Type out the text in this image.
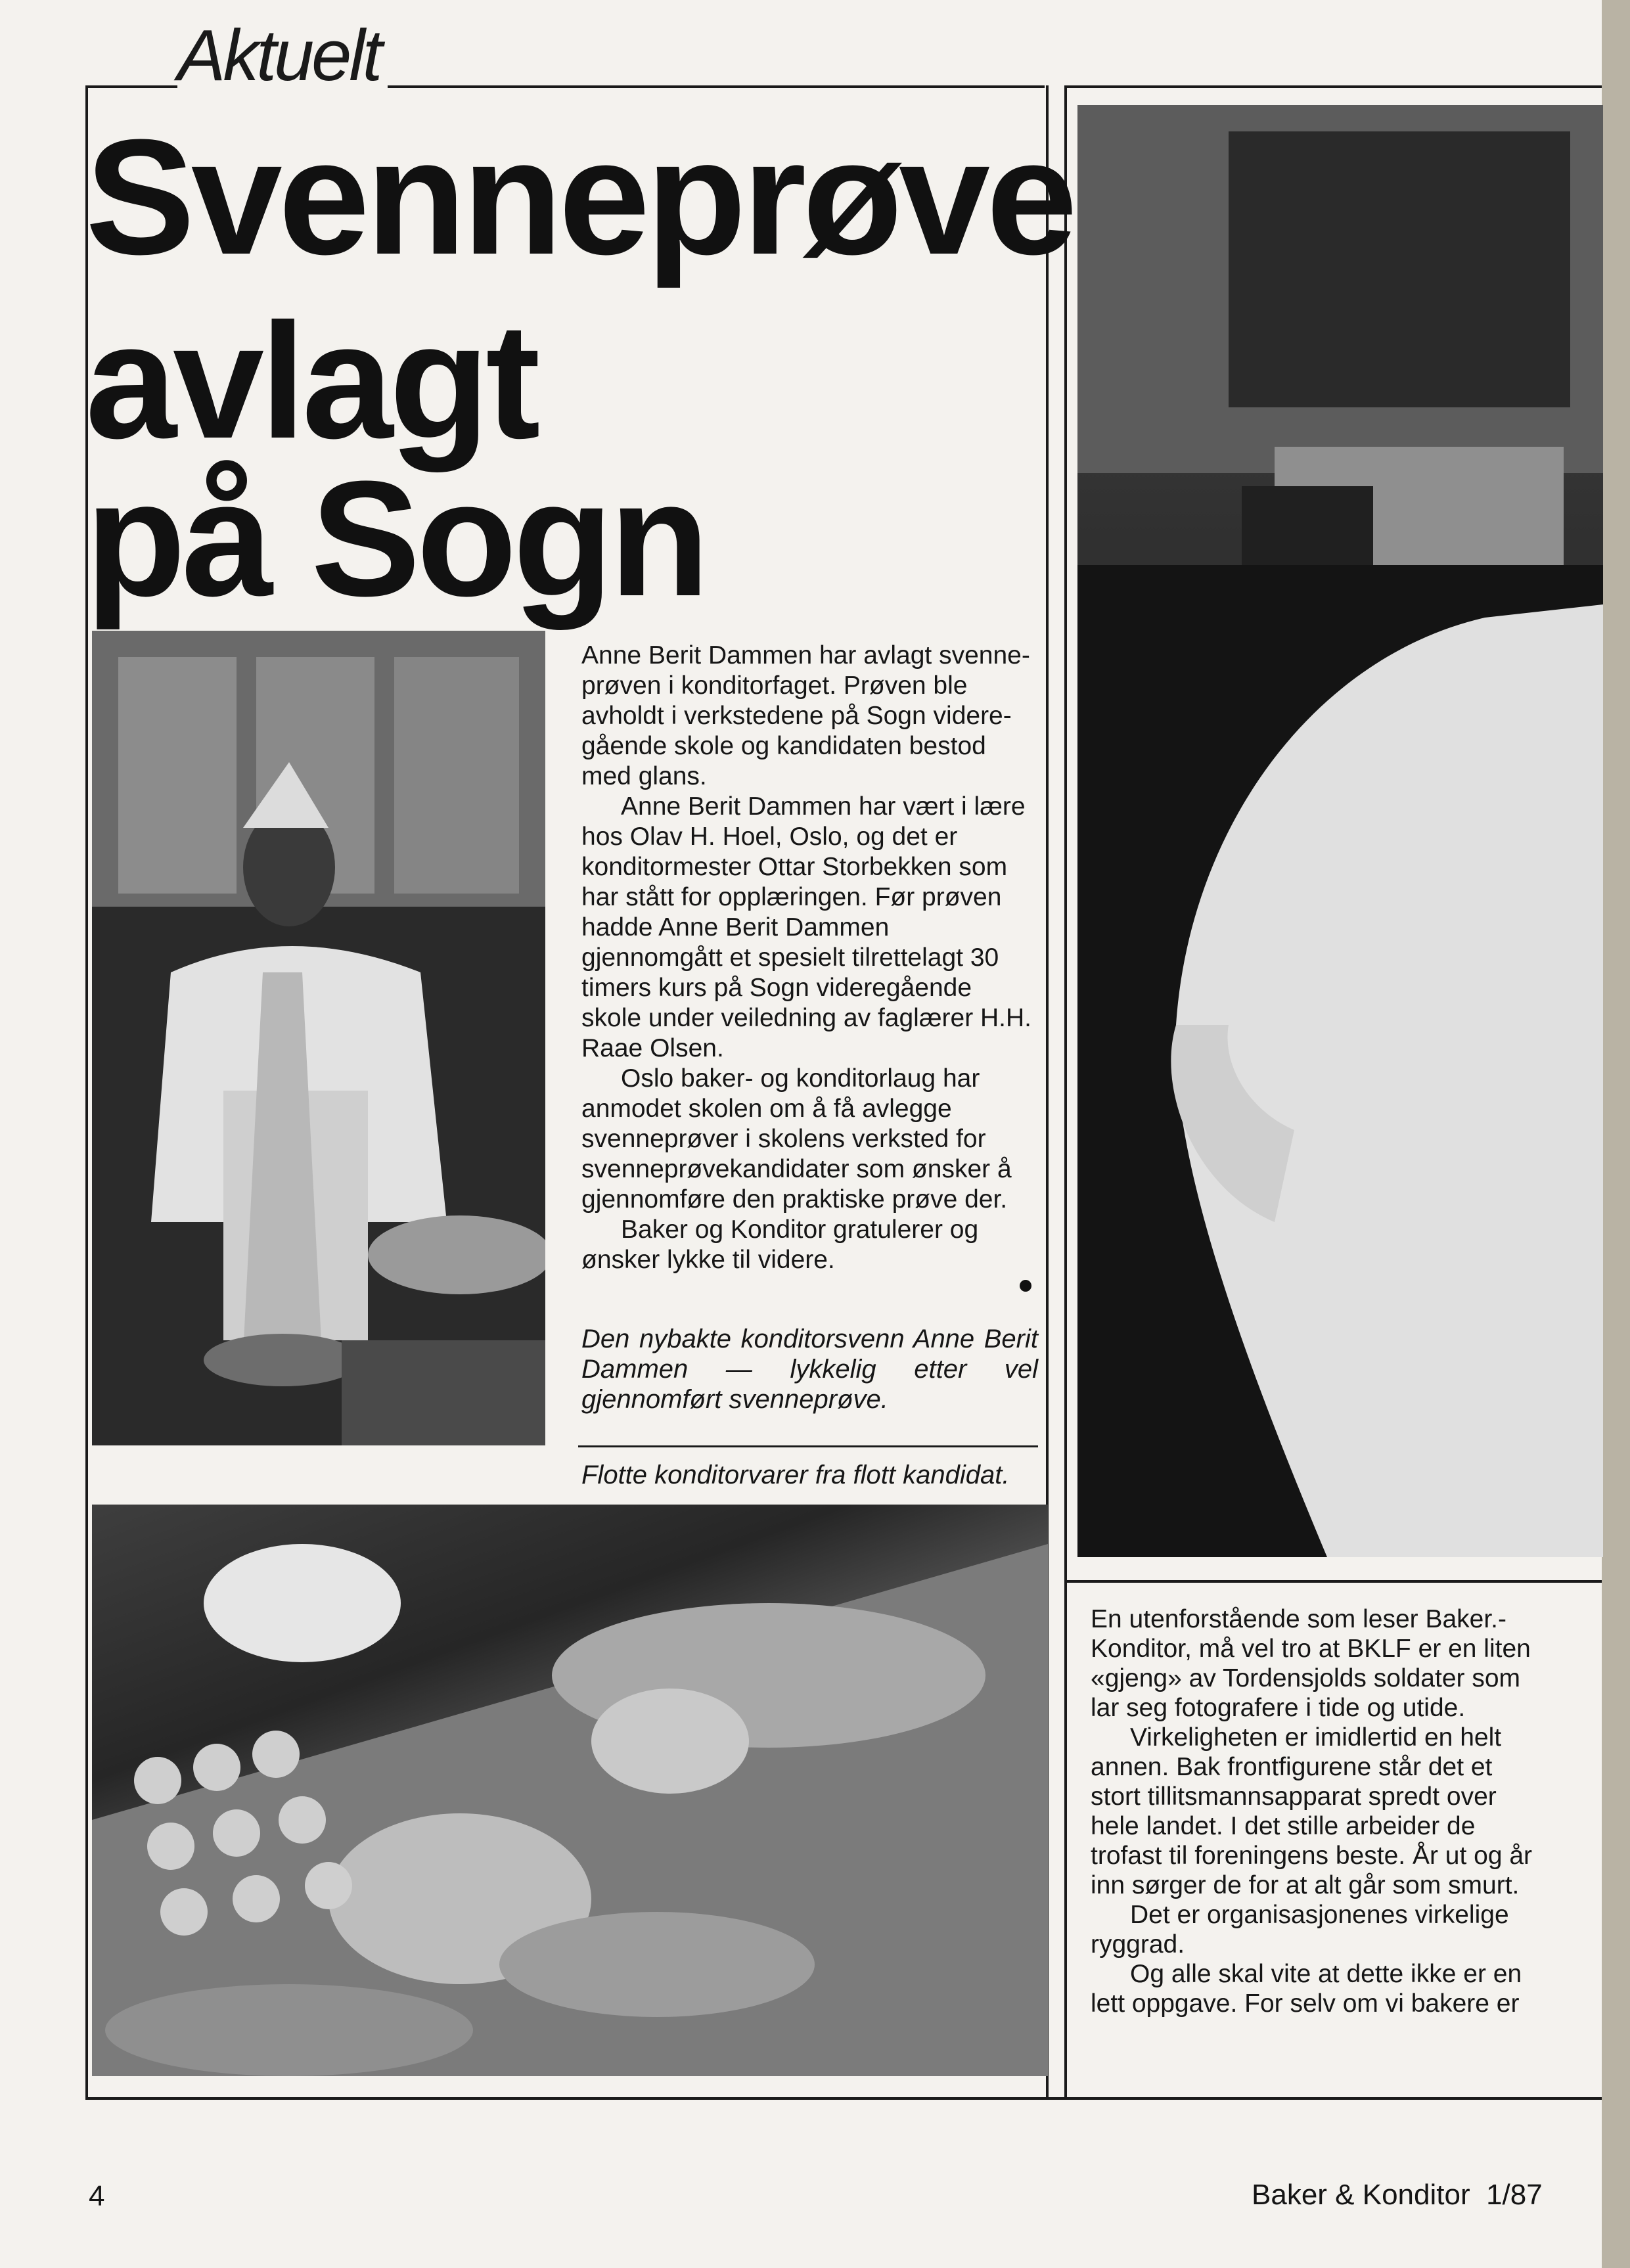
Aktuelt
Svenneprøve
avlagt
på Sogn

Anne Berit Dammen har avlagt svenneprøven i konditorfaget. Prøven ble avholdt i verkstedene på Sogn videregående skole og kandidaten bestod med glans.

Anne Berit Dammen har vært i lære hos Olav H. Hoel, Oslo, og det er konditormester Ottar Storbekken som har stått for opplæringen. Før prøven hadde Anne Berit Dammen gjennomgått et spesielt tilrettelagt 30 timers kurs på Sogn videregående skole under veiledning av faglærer H.H. Raae Olsen.

Oslo baker- og konditorlaug har anmodet skolen om å få avlegge svenneprøver i skolens verksted for svenneprøvekandidater som ønsker å gjennomføre den praktiske prøve der.

Baker og Konditor gratulerer og ønsker lykke til videre.

Den nybakte konditorsvenn Anne Berit Dammen — lykkelig etter vel gjennomført svenneprøve.
Flotte konditorvarer fra flott kandidat.

En utenforstående som leser Baker.-Konditor, må vel tro at BKLF er en liten «gjeng» av Tordensjolds soldater som lar seg fotografere i tide og utide.

Virkeligheten er imidlertid en helt annen. Bak frontfigurene står det et stort tillitsmannsapparat spredt over hele landet. I det stille arbeider de trofast til foreningens beste. År ut og år inn sørger de for at alt går som smurt.

Det er organisasjonenes virkelige ryggrad.

Og alle skal vite at dette ikke er en lett oppgave. For selv om vi bakere er

4	Baker & Konditor  1/87
